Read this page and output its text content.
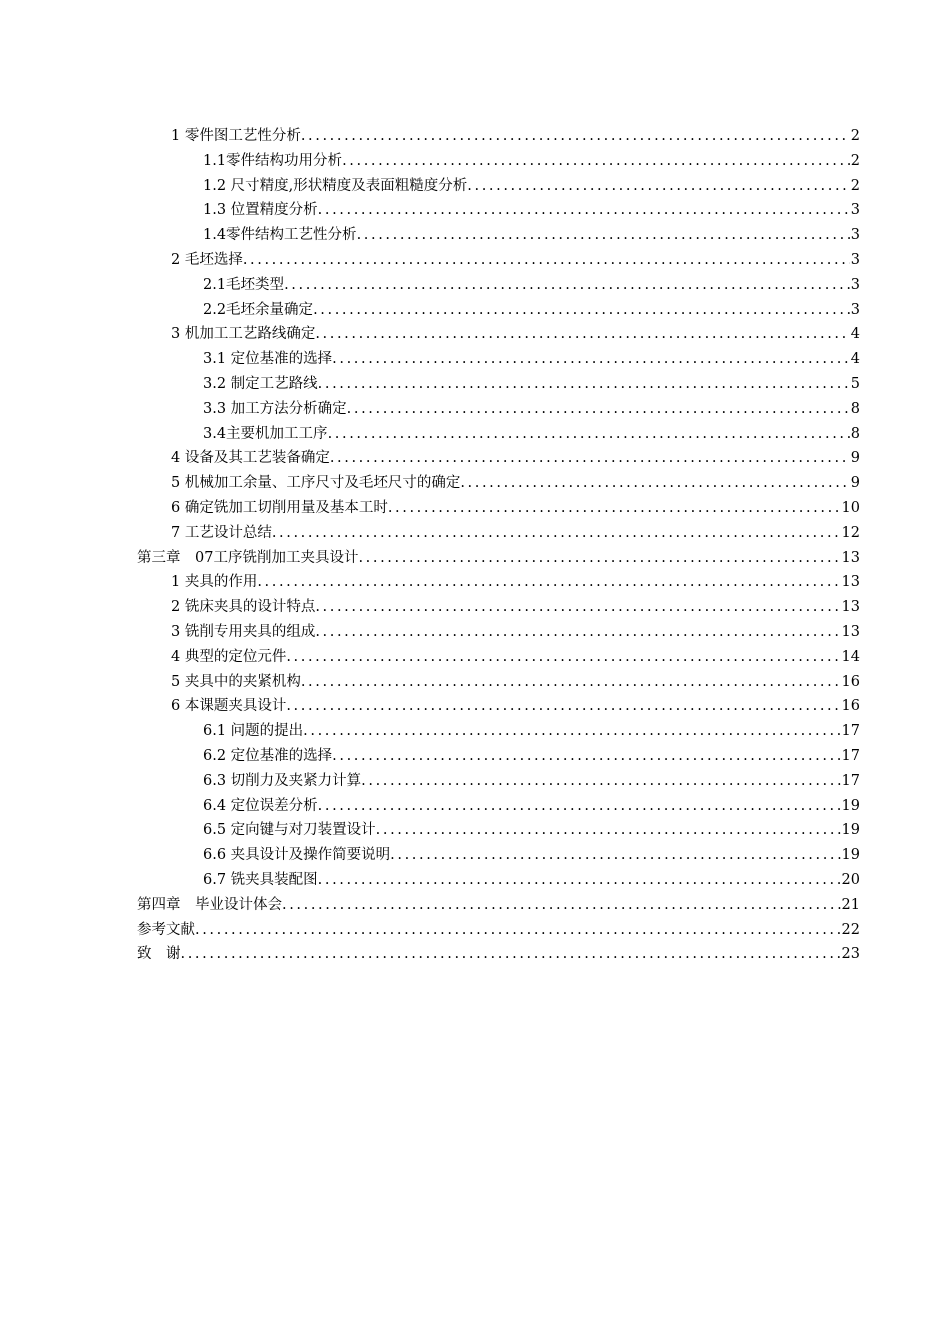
1 零件图工艺性分析 .....	2
1.1零件结构功用分析 .....	2
1.2 尺寸精度,形状精度及表面粗糙度分析 .....	2
1.3 位置精度分析 .....	3
1.4零件结构工艺性分析 .....	3
2 毛坯选择 .....	3
2.1毛坯类型 .....	3
2.2毛坯余量确定 .....	3
3 机加工工艺路线确定 .....	4
3.1 定位基准的选择 .....	4
3.2 制定工艺路线 .....	5
3.3 加工方法分析确定 .....	8
3.4主要机加工工序 .....	8
4 设备及其工艺装备确定 .....	9
5 机械加工余量、工序尺寸及毛坯尺寸的确定 .....	9
6 确定铣加工切削用量及基本工时 .....	10
7 工艺设计总结 .....	12
第三章　07工序铣削加工夹具设计 .....	13
1 夹具的作用 .....	13
2 铣床夹具的设计特点 .....	13
3 铣削专用夹具的组成 .....	13
4 典型的定位元件 .....	14
5 夹具中的夹紧机构 .....	16
6 本课题夹具设计 .....	16
6.1 问题的提出 .....	17
6.2 定位基准的选择 .....	17
6.3 切削力及夹紧力计算 .....	17
6.4 定位误差分析 .....	19
6.5 定向键与对刀装置设计 .....	19
6.6 夹具设计及操作简要说明 .....	19
6.7 铣夹具装配图 .....	20
第四章　毕业设计体会 .....	21
参考文献 .....	22
致　谢 .....	23
